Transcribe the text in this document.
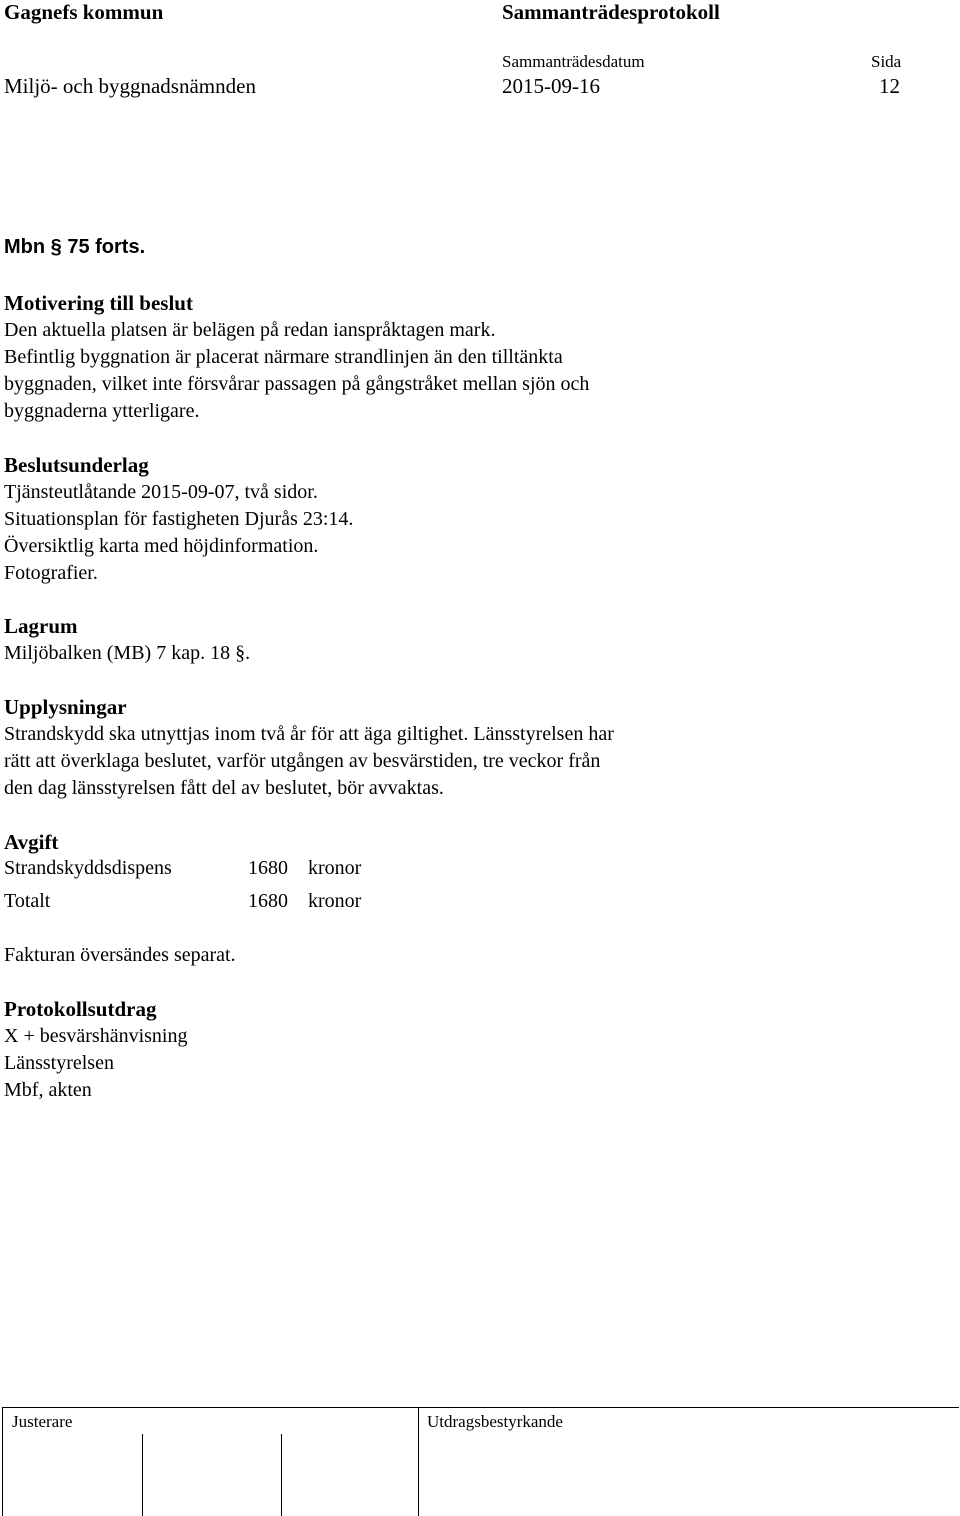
Gagnefs kommun	Sammanträdesprotokoll
Sammanträdesdatum	Sida
Miljö- och byggnadsnämnden	2015-09-16	12
Mbn § 75 forts.
Motivering till beslut
Den aktuella platsen är belägen på redan ianspråktagen mark.
Befintlig byggnation är placerat närmare strandlinjen än den tilltänkta
byggnaden, vilket inte försvårar passagen på gångstråket mellan sjön och
byggnaderna ytterligare.
Beslutsunderlag
Tjänsteutlåtande 2015-09-07, två sidor.
Situationsplan för fastigheten Djurås 23:14.
Översiktlig karta med höjdinformation.
Fotografier.
Lagrum
Miljöbalken (MB) 7 kap. 18 §.
Upplysningar
Strandskydd ska utnyttjas inom två år för att äga giltighet. Länsstyrelsen har
rätt att överklaga beslutet, varför utgången av besvärstiden, tre veckor från
den dag länsstyrelsen fått del av beslutet, bör avvaktas.
Avgift
Strandskyddsdispens	1680 kronor
Totalt	1680 kronor
Fakturan översändes separat.
Protokollsutdrag
X + besvärshänvisning
Länsstyrelsen
Mbf, akten
Justerare	Utdragsbestyrkande
